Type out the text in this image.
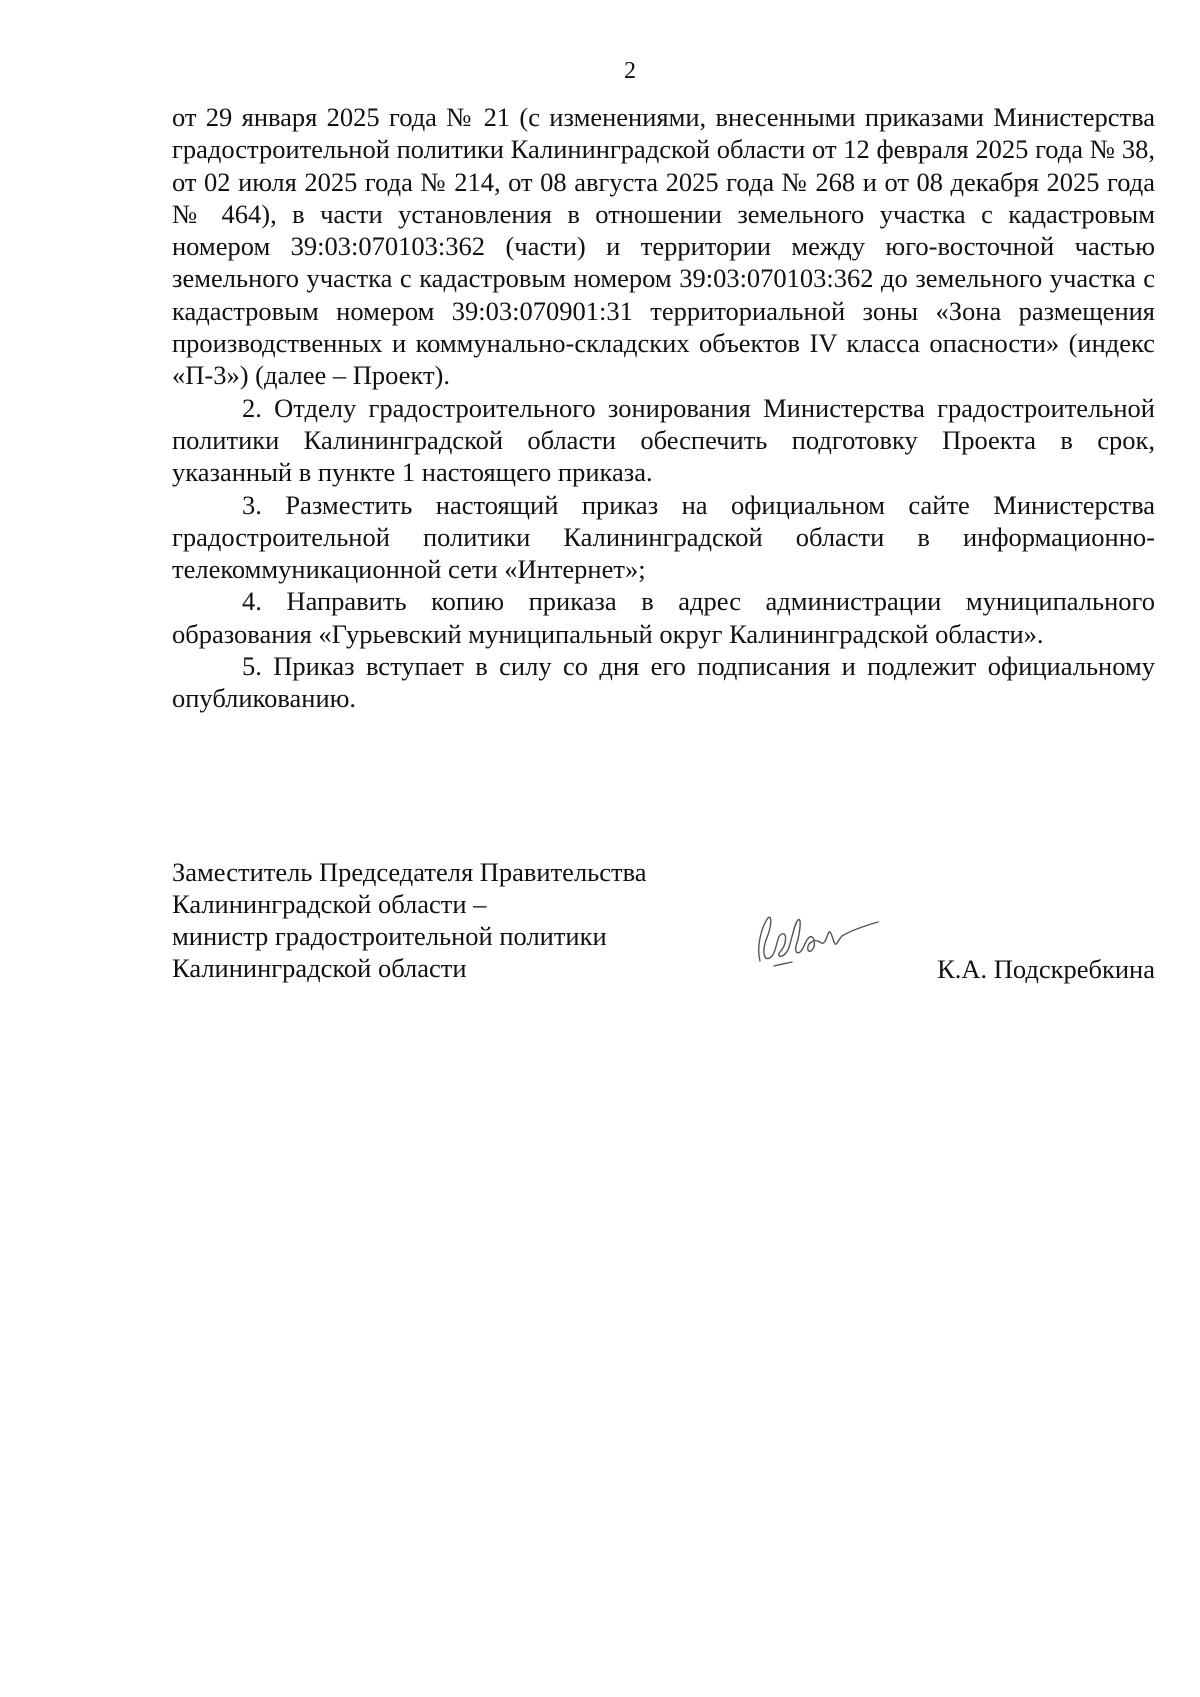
2

от 29 января 2025 года № 21 (с изменениями, внесенными приказами Министерства градостроительной политики Калининградской области от 12 февраля 2025 года № 38, от 02 июля 2025 года № 214, от 08 августа 2025 года № 268 и от 08 декабря 2025 года № 464), в части установления в отношении земельного участка с кадастровым номером 39:03:070103:362 (части) и территории между юго-восточной частью земельного участка с кадастровым номером 39:03:070103:362 до земельного участка с кадастровым номером 39:03:070901:31 территориальной зоны «Зона размещения производственных и коммунально-складских объектов IV класса опасности» (индекс «П-3») (далее – Проект).

2. Отделу градостроительного зонирования Министерства градостроительной политики Калининградской области обеспечить подготовку Проекта в срок, указанный в пункте 1 настоящего приказа.

3. Разместить настоящий приказ на официальном сайте Министерства градостроительной политики Калининградской области в информационно-телекоммуникационной сети «Интернет»;

4. Направить копию приказа в адрес администрации муниципального образования «Гурьевский муниципальный округ Калининградской области».

5. Приказ вступает в силу со дня его подписания и подлежит официальному опубликованию.

Заместитель Председателя Правительства
Калининградской области –
министр градостроительной политики
Калининградской области	К.А. Подскребкина
